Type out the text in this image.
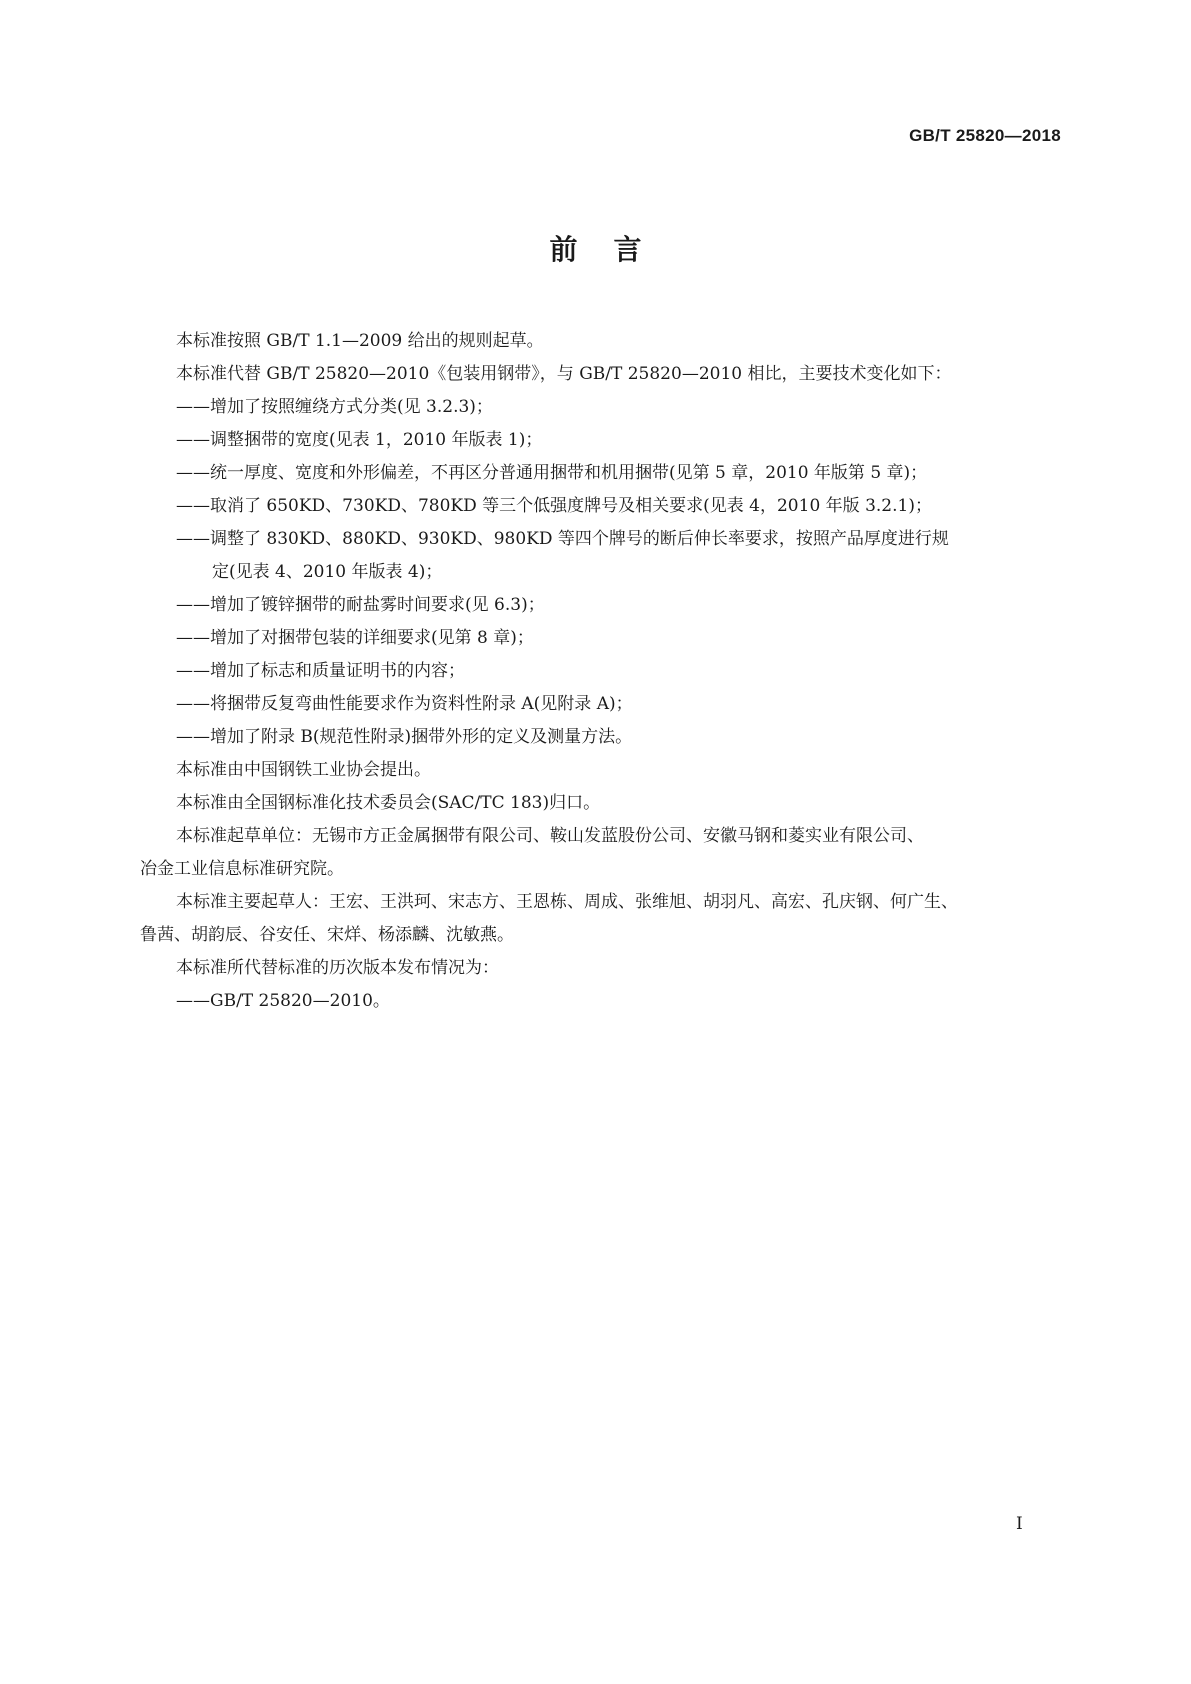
GB/T 25820—2018
前言

本标准按照 GB/T 1.1—2009 给出的规则起草。

本标准代替 GB/T 25820—2010《包装用钢带》，与 GB/T 25820—2010 相比，主要技术变化如下：

——增加了按照缠绕方式分类(见 3.2.3)；

——调整捆带的宽度(见表 1，2010 年版表 1)；

——统一厚度、宽度和外形偏差，不再区分普通用捆带和机用捆带(见第 5 章，2010 年版第 5 章)；

——取消了 650KD、730KD、780KD 等三个低强度牌号及相关要求(见表 4，2010 年版 3.2.1)；

——调整了 830KD、880KD、930KD、980KD 等四个牌号的断后伸长率要求，按照产品厚度进行规

定(见表 4、2010 年版表 4)；

——增加了镀锌捆带的耐盐雾时间要求(见 6.3)；

——增加了对捆带包装的详细要求(见第 8 章)；

——增加了标志和质量证明书的内容；

——将捆带反复弯曲性能要求作为资料性附录 A(见附录 A)；

——增加了附录 B(规范性附录)捆带外形的定义及测量方法。

本标准由中国钢铁工业协会提出。

本标准由全国钢标准化技术委员会(SAC/TC 183)归口。

本标准起草单位：无锡市方正金属捆带有限公司、鞍山发蓝股份公司、安徽马钢和菱实业有限公司、

冶金工业信息标准研究院。

本标准主要起草人：王宏、王洪珂、宋志方、王恩栋、周成、张维旭、胡羽凡、高宏、孔庆钢、何广生、

鲁茜、胡韵辰、谷安任、宋烊、杨添麟、沈敏燕。

本标准所代替标准的历次版本发布情况为：

——GB/T 25820—2010。

I
